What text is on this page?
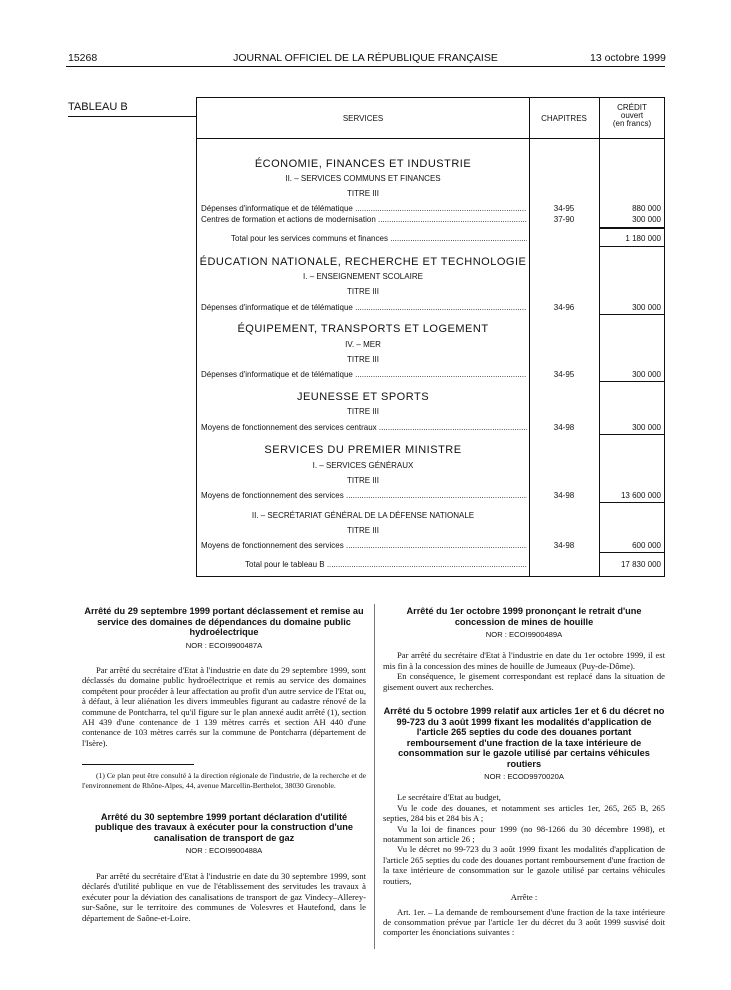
15268	JOURNAL OFFICIEL DE LA RÉPUBLIQUE FRANÇAISE	13 octobre 1999
TABLEAU B
SERVICES	CHAPITRES
CRÉDIT
ouvert
(en francs)
ÉCONOMIE, FINANCES ET INDUSTRIE
II. – SERVICES COMMUNS ET FINANCES
TITRE III
Dépenses d'informatique et de télématique .....	34-95	880 000
Centres de formation et actions de modernisation .....	37-90	300 000
Total pour les services communs et finances .....	1 180 000
ÉDUCATION NATIONALE, RECHERCHE ET TECHNOLOGIE
I. – ENSEIGNEMENT SCOLAIRE
TITRE III
Dépenses d'informatique et de télématique .....	34-96	300 000
ÉQUIPEMENT, TRANSPORTS ET LOGEMENT
IV. – MER
TITRE III
Dépenses d'informatique et de télématique .....	34-95	300 000
JEUNESSE ET SPORTS
TITRE III
Moyens de fonctionnement des services centraux .....	34-98	300 000
SERVICES DU PREMIER MINISTRE
I. – SERVICES GÉNÉRAUX
TITRE III
Moyens de fonctionnement des services .....	34-98	13 600 000
II. – SECRÉTARIAT GÉNÉRAL DE LA DÉFENSE NATIONALE
TITRE III
Moyens de fonctionnement des services .....	34-98	600 000
Total pour le tableau B .....	17 830 000
Arrêté du 29 septembre 1999 portant déclassement et remise au service des domaines de dépendances du domaine public hydroélectrique
NOR : ECOI9900487A

Par arrêté du secrétaire d'Etat à l'industrie en date du 29 septembre 1999, sont déclassés du domaine public hydroélectrique et remis au service des domaines compétent pour procéder à leur affectation au profit d'un autre service de l'Etat ou, à défaut, à leur aliénation les divers immeubles figurant au cadastre rénové de la commune de Pontcharra, tel qu'il figure sur le plan annexé audit arrêté (1), section AH 439 d'une contenance de 1 139 mètres carrés et section AH 440 d'une contenance de 103 mètres carrés sur la commune de Pontcharra (département de l'Isère).

(1) Ce plan peut être consulté à la direction régionale de l'industrie, de la recherche et de l'environnement de Rhône-Alpes, 44, avenue Marcellin-Berthelot, 38030 Grenoble.

Arrêté du 30 septembre 1999 portant déclaration d'utilité publique des travaux à exécuter pour la construction d'une canalisation de transport de gaz
NOR : ECOI9900488A

Par arrêté du secrétaire d'Etat à l'industrie en date du 30 septembre 1999, sont déclarés d'utilité publique en vue de l'établissement des servitudes les travaux à exécuter pour la déviation des canalisations de transport de gaz Vindecy–Allerey-sur-Saône, sur le territoire des communes de Volesvres et Hautefond, dans le département de Saône-et-Loire.

Arrêté du 1er octobre 1999 prononçant le retrait d'une concession de mines de houille
NOR : ECOI9900489A

Par arrêté du secrétaire d'Etat à l'industrie en date du 1er octobre 1999, il est mis fin à la concession des mines de houille de Jumeaux (Puy-de-Dôme).

En conséquence, le gisement correspondant est replacé dans la situation de gisement ouvert aux recherches.

Arrêté du 5 octobre 1999 relatif aux articles 1er et 6 du décret no 99-723 du 3 août 1999 fixant les modalités d'application de l'article 265 septies du code des douanes portant remboursement d'une fraction de la taxe intérieure de consommation sur le gazole utilisé par certains véhicules routiers
NOR : ECOD9970020A

Le secrétaire d'Etat au budget,

Vu le code des douanes, et notamment ses articles 1er, 265, 265 B, 265 septies, 284 bis et 284 bis A ;

Vu la loi de finances pour 1999 (no 98-1266 du 30 décembre 1998), et notamment son article 26 ;

Vu le décret no 99-723 du 3 août 1999 fixant les modalités d'application de l'article 265 septies du code des douanes portant remboursement d'une fraction de la taxe intérieure de consommation sur le gazole utilisé par certains véhicules routiers,

Arrête :

Art. 1er. – La demande de remboursement d'une fraction de la taxe intérieure de consommation prévue par l'article 1er du décret du 3 août 1999 susvisé doit comporter les énonciations suivantes :
